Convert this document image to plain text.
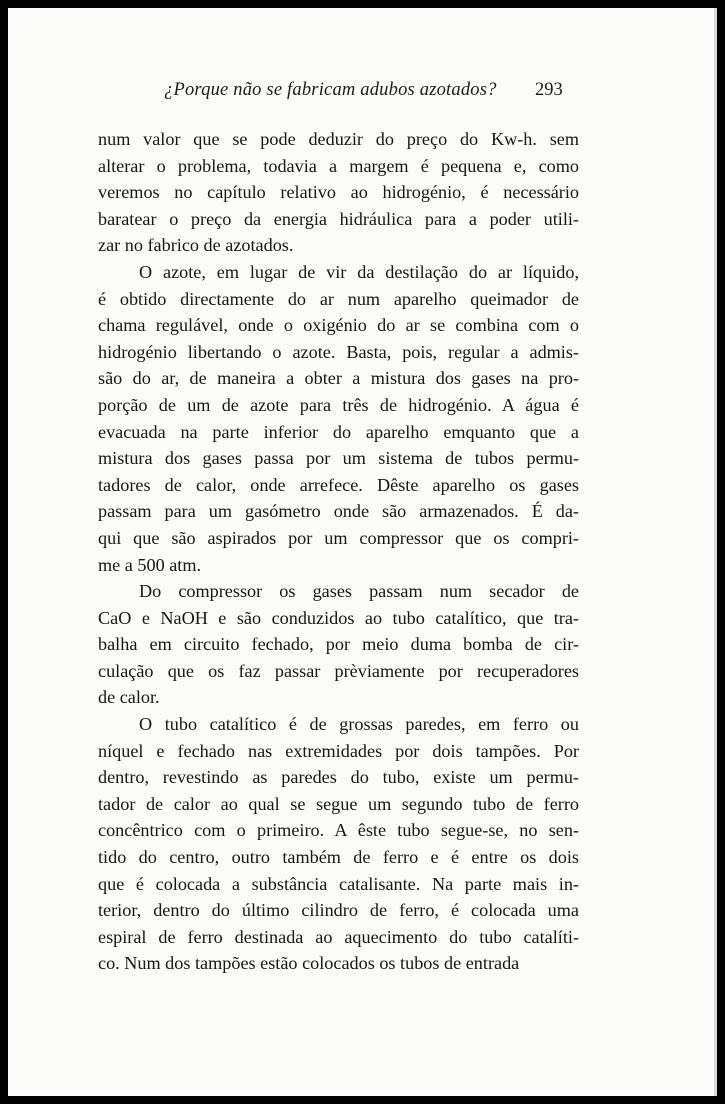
¿Porque não se fabricam adubos azotados? 293

num valor que se pode deduzir do preço do Kw-h. sem
alterar o problema, todavia a margem é pequena e, como
veremos no capítulo relativo ao hidrogénio, é necessário
baratear o preço da energia hidráulica para a poder utili-
zar no fabrico de azotados.

O azote, em lugar de vir da destilação do ar líquido,
é obtido directamente do ar num aparelho queimador de
chama regulável, onde o oxigénio do ar se combina com o
hidrogénio libertando o azote. Basta, pois, regular a admis-
são do ar, de maneira a obter a mistura dos gases na pro-
porção de um de azote para três de hidrogénio. A água é
evacuada na parte inferior do aparelho emquanto que a
mistura dos gases passa por um sistema de tubos permu-
tadores de calor, onde arrefece. Dêste aparelho os gases
passam para um gasómetro onde são armazenados. É da-
qui que são aspirados por um compressor que os compri-
me a 500 atm.

Do compressor os gases passam num secador de
CaO e NaOH e são conduzidos ao tubo catalítico, que tra-
balha em circuito fechado, por meio duma bomba de cir-
culação que os faz passar prèviamente por recuperadores
de calor.

O tubo catalítico é de grossas paredes, em ferro ou
níquel e fechado nas extremidades por dois tampões. Por
dentro, revestindo as paredes do tubo, existe um permu-
tador de calor ao qual se segue um segundo tubo de ferro
concêntrico com o primeiro. A êste tubo segue-se, no sen-
tido do centro, outro também de ferro e é entre os dois
que é colocada a substância catalisante. Na parte mais in-
terior, dentro do último cilindro de ferro, é colocada uma
espiral de ferro destinada ao aquecimento do tubo catalíti-
co. Num dos tampões estão colocados os tubos de entrada
